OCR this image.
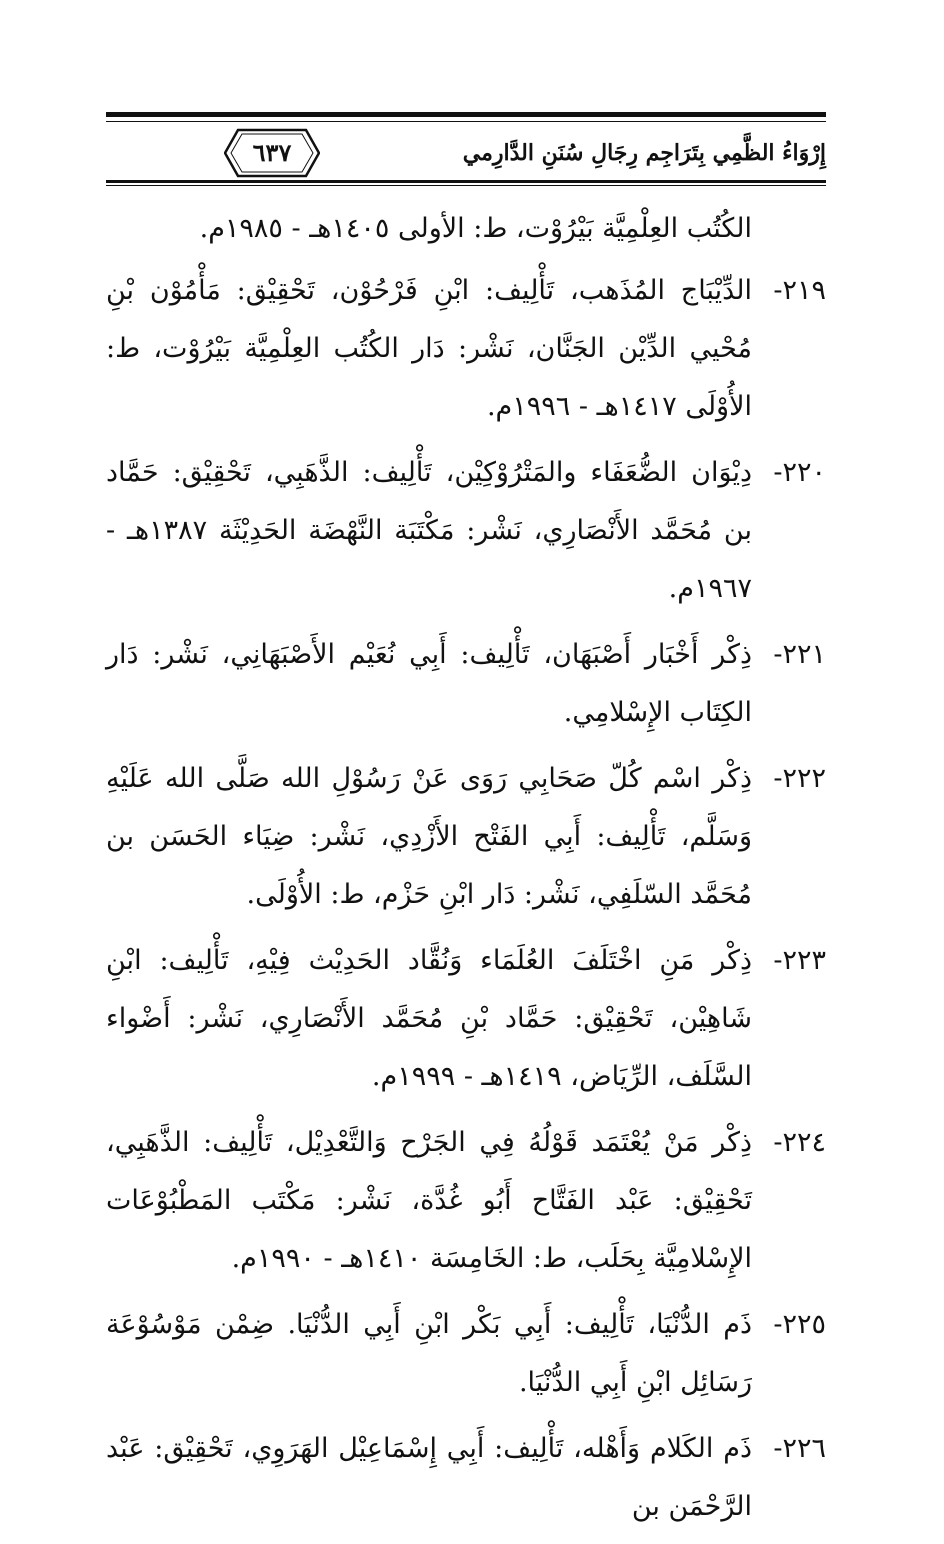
إِرْوَاءُ الظَّمِي بِتَرَاجِم رِجَالِ سُنَنِ الدَّارِمي
٦٣٧
الكُتُب العِلْمِيَّة بَيْرُوْت، ط: الأولى ١٤٠٥هـ - ١٩٨٥م.
٢١٩-
الدِّيْبَاج المُذَهب، تَأْلِيف: ابْنِ فَرْحُوْن، تَحْقِيْق: مَأْمُوْن بْنِ مُحْيي الدِّيْن الجَنَّان، نَشْر: دَار الكُتُب العِلْمِيَّة بَيْرُوْت، ط: الأُوْلَى ١٤١٧هـ - ١٩٩٦م.
٢٢٠-
دِيْوَان الضُّعَفَاء والمَتْرُوْكِيْن، تَأْلِيف: الذَّهَبِي، تَحْقِيْق: حَمَّاد بن مُحَمَّد الأَنْصَارِي، نَشْر: مَكْتَبَة النَّهْضَة الحَدِيْثَة ١٣٨٧هـ - ١٩٦٧م.
٢٢١-
ذِكْر أَخْبَار أَصْبَهَان، تَأْلِيف: أَبِي نُعَيْم الأَصْبَهَانِي، نَشْر: دَار الكِتَاب الإِسْلامِي.
٢٢٢-
ذِكْر اسْم كُلّ صَحَابِي رَوَى عَنْ رَسُوْلِ الله صَلَّى الله عَلَيْهِ وَسَلَّم، تَأْلِيف: أَبِي الفَتْح الأَزْدِي، نَشْر: ضِيَاء الحَسَن بن مُحَمَّد السّلَفِي، نَشْر: دَار ابْنِ حَزْم، ط: الأُوْلَى.
٢٢٣-
ذِكْر مَنِ اخْتَلَفَ العُلَمَاء وَنُقَّاد الحَدِيْث فِيْهِ، تَأْلِيف: ابْنِ شَاهِيْن، تَحْقِيْق: حَمَّاد بْنِ مُحَمَّد الأَنْصَارِي، نَشْر: أَضْواء السَّلَف، الرِّيَاض، ١٤١٩هـ - ١٩٩٩م.
٢٢٤-
ذِكْر مَنْ يُعْتَمَد قَوْلُهُ فِي الجَرْح وَالتَّعْدِيْل، تَأْلِيف: الذَّهَبِي، تَحْقِيْق: عَبْد الفَتَّاح أَبُو غُدَّة، نَشْر: مَكْتَب المَطْبُوْعَات الإِسْلامِيَّة بِحَلَب، ط: الخَامِسَة ١٤١٠هـ - ١٩٩٠م.
٢٢٥-
ذَم الدُّنْيَا، تَأْلِيف: أَبِي بَكْر ابْنِ أَبِي الدُّنْيَا. ضِمْن مَوْسُوْعَة رَسَائِل ابْنِ أَبِي الدُّنْيَا.
٢٢٦-
ذَم الكَلام وَأَهْله، تَأْلِيف: أَبِي إِسْمَاعِيْل الهَرَوِي، تَحْقِيْق: عَبْد الرَّحْمَن بن
